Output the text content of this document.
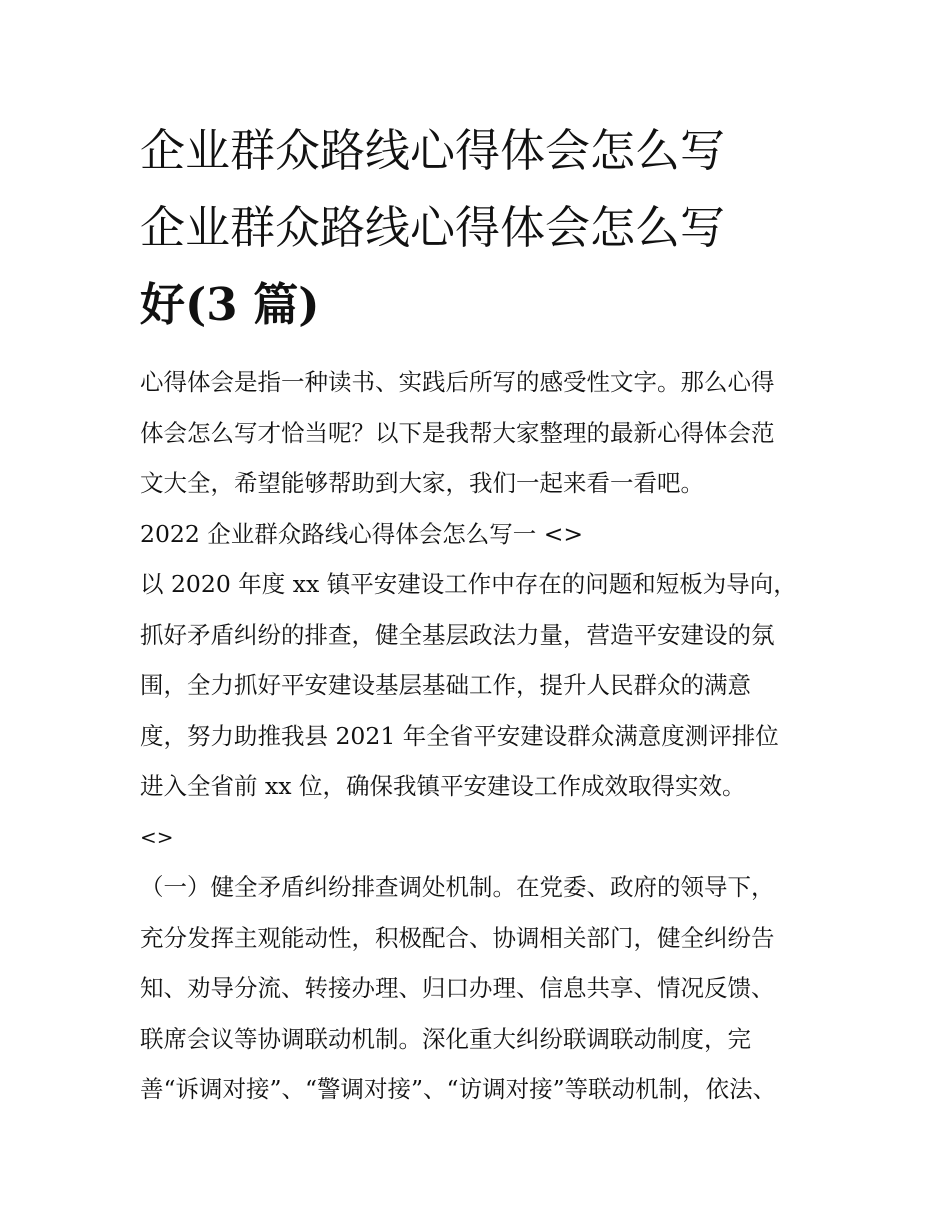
企业群众路线心得体会怎么写
企业群众路线心得体会怎么写
好(3 篇)
心得体会是指一种读书、实践后所写的感受性文字。那么心得
体会怎么写才恰当呢？以下是我帮大家整理的最新心得体会范
文大全，希望能够帮助到大家，我们一起来看一看吧。
2022 企业群众路线心得体会怎么写一 <>
以 2020 年度 xx 镇平安建设工作中存在的问题和短板为导向，
抓好矛盾纠纷的排查，健全基层政法力量，营造平安建设的氛
围，全力抓好平安建设基层基础工作，提升人民群众的满意
度，努力助推我县 2021 年全省平安建设群众满意度测评排位
进入全省前 xx 位，确保我镇平安建设工作成效取得实效。
<>
（一）健全矛盾纠纷排查调处机制。在党委、政府的领导下，
充分发挥主观能动性，积极配合、协调相关部门，健全纠纷告
知、劝导分流、转接办理、归口办理、信息共享、情况反馈、
联席会议等协调联动机制。深化重大纠纷联调联动制度，完
善“诉调对接”、“警调对接”、“访调对接”等联动机制，依法、
